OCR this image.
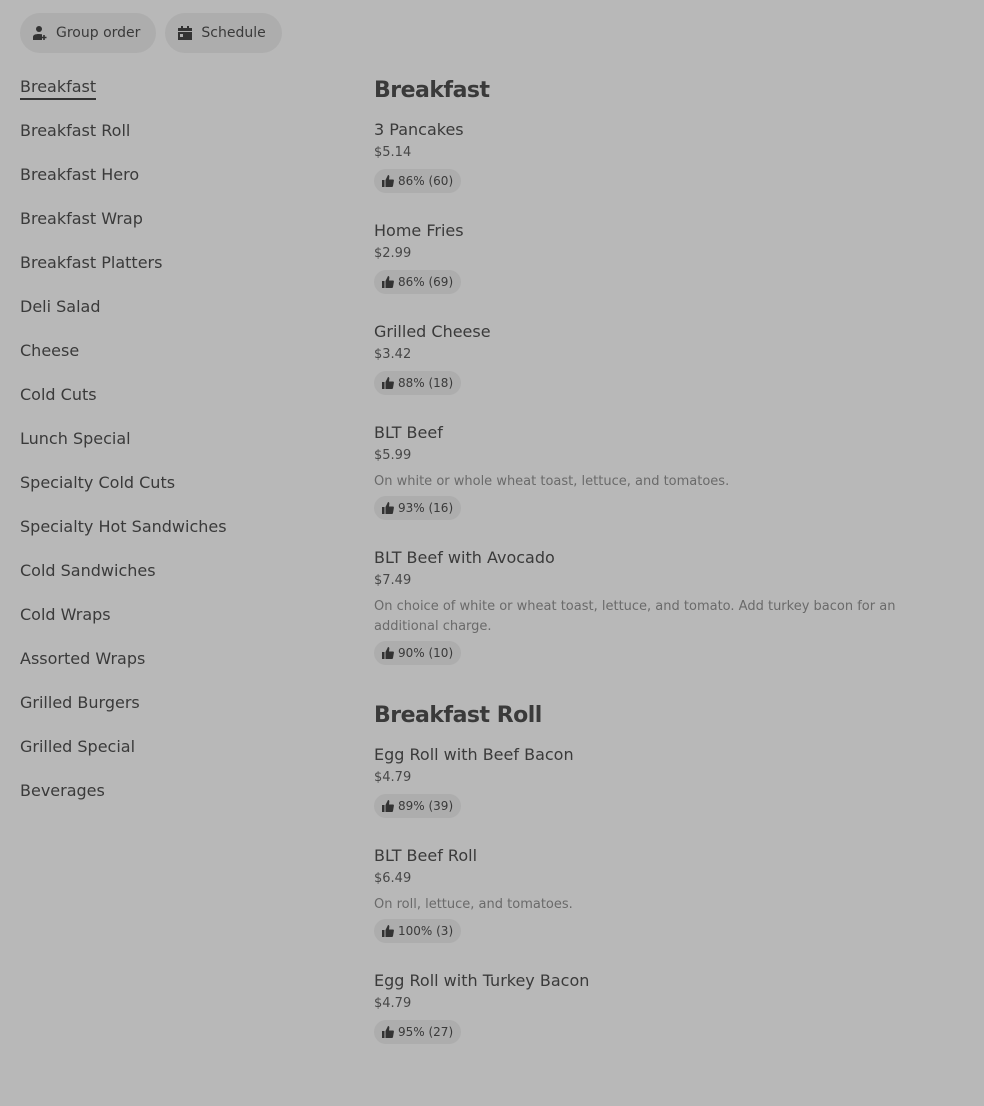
Group order	Schedule
Breakfast
Breakfast Roll
Breakfast Hero
Breakfast Wrap
Breakfast Platters
Deli Salad
Cheese
Cold Cuts
Lunch Special
Specialty Cold Cuts
Specialty Hot Sandwiches
Cold Sandwiches
Cold Wraps
Assorted Wraps
Grilled Burgers
Grilled Special
Beverages
Breakfast
3 Pancakes
$5.14
86% (60)
Home Fries
$2.99
86% (69)
Grilled Cheese
$3.42
88% (18)
BLT Beef
$5.99
On white or whole wheat toast, lettuce, and tomatoes.
93% (16)
BLT Beef with Avocado
$7.49
On choice of white or wheat toast, lettuce, and tomato. Add turkey bacon for an additional charge.
90% (10)
Breakfast Roll
Egg Roll with Beef Bacon
$4.79
89% (39)
BLT Beef Roll
$6.49
On roll, lettuce, and tomatoes.
100% (3)
Egg Roll with Turkey Bacon
$4.79
95% (27)
